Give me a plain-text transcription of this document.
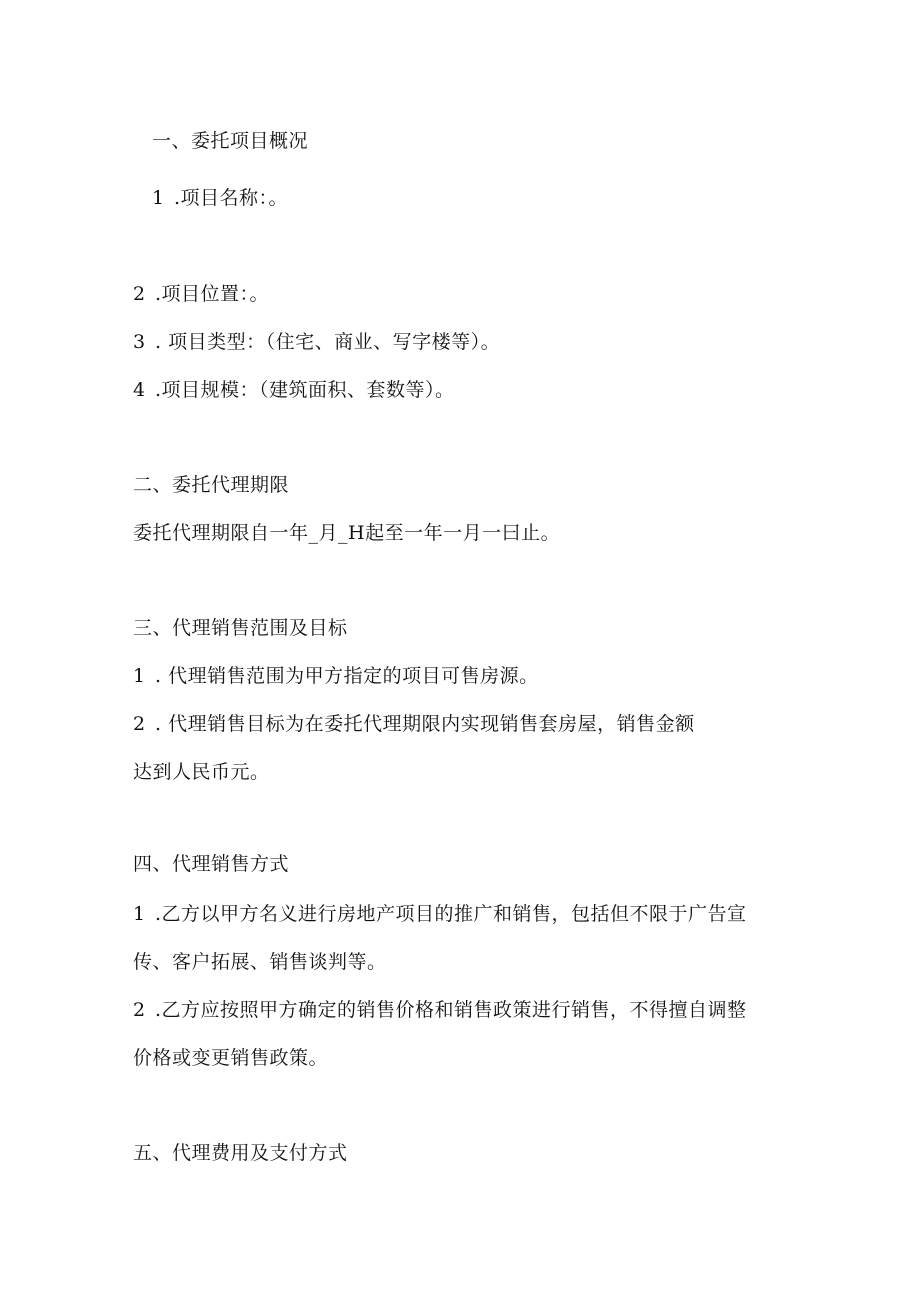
一、委托项目概况
1 .项目名称：。
2 .项目位置：。
3 . 项目类型：（住宅、商业、写字楼等）。
4 .项目规模：（建筑面积、套数等）。
二、委托代理期限
委托代理期限自一年_月_H起至一年一月一曰止。
三、代理销售范围及目标
1 . 代理销售范围为甲方指定的项目可售房源。
2 . 代理销售目标为在委托代理期限内实现销售套房屋，销售金额
达到人民币元。
四、代理销售方式
1 .乙方以甲方名义进行房地产项目的推广和销售，包括但不限于广告宣
传、客户拓展、销售谈判等。
2 .乙方应按照甲方确定的销售价格和销售政策进行销售，不得擅自调整
价格或变更销售政策。
五、代理费用及支付方式
